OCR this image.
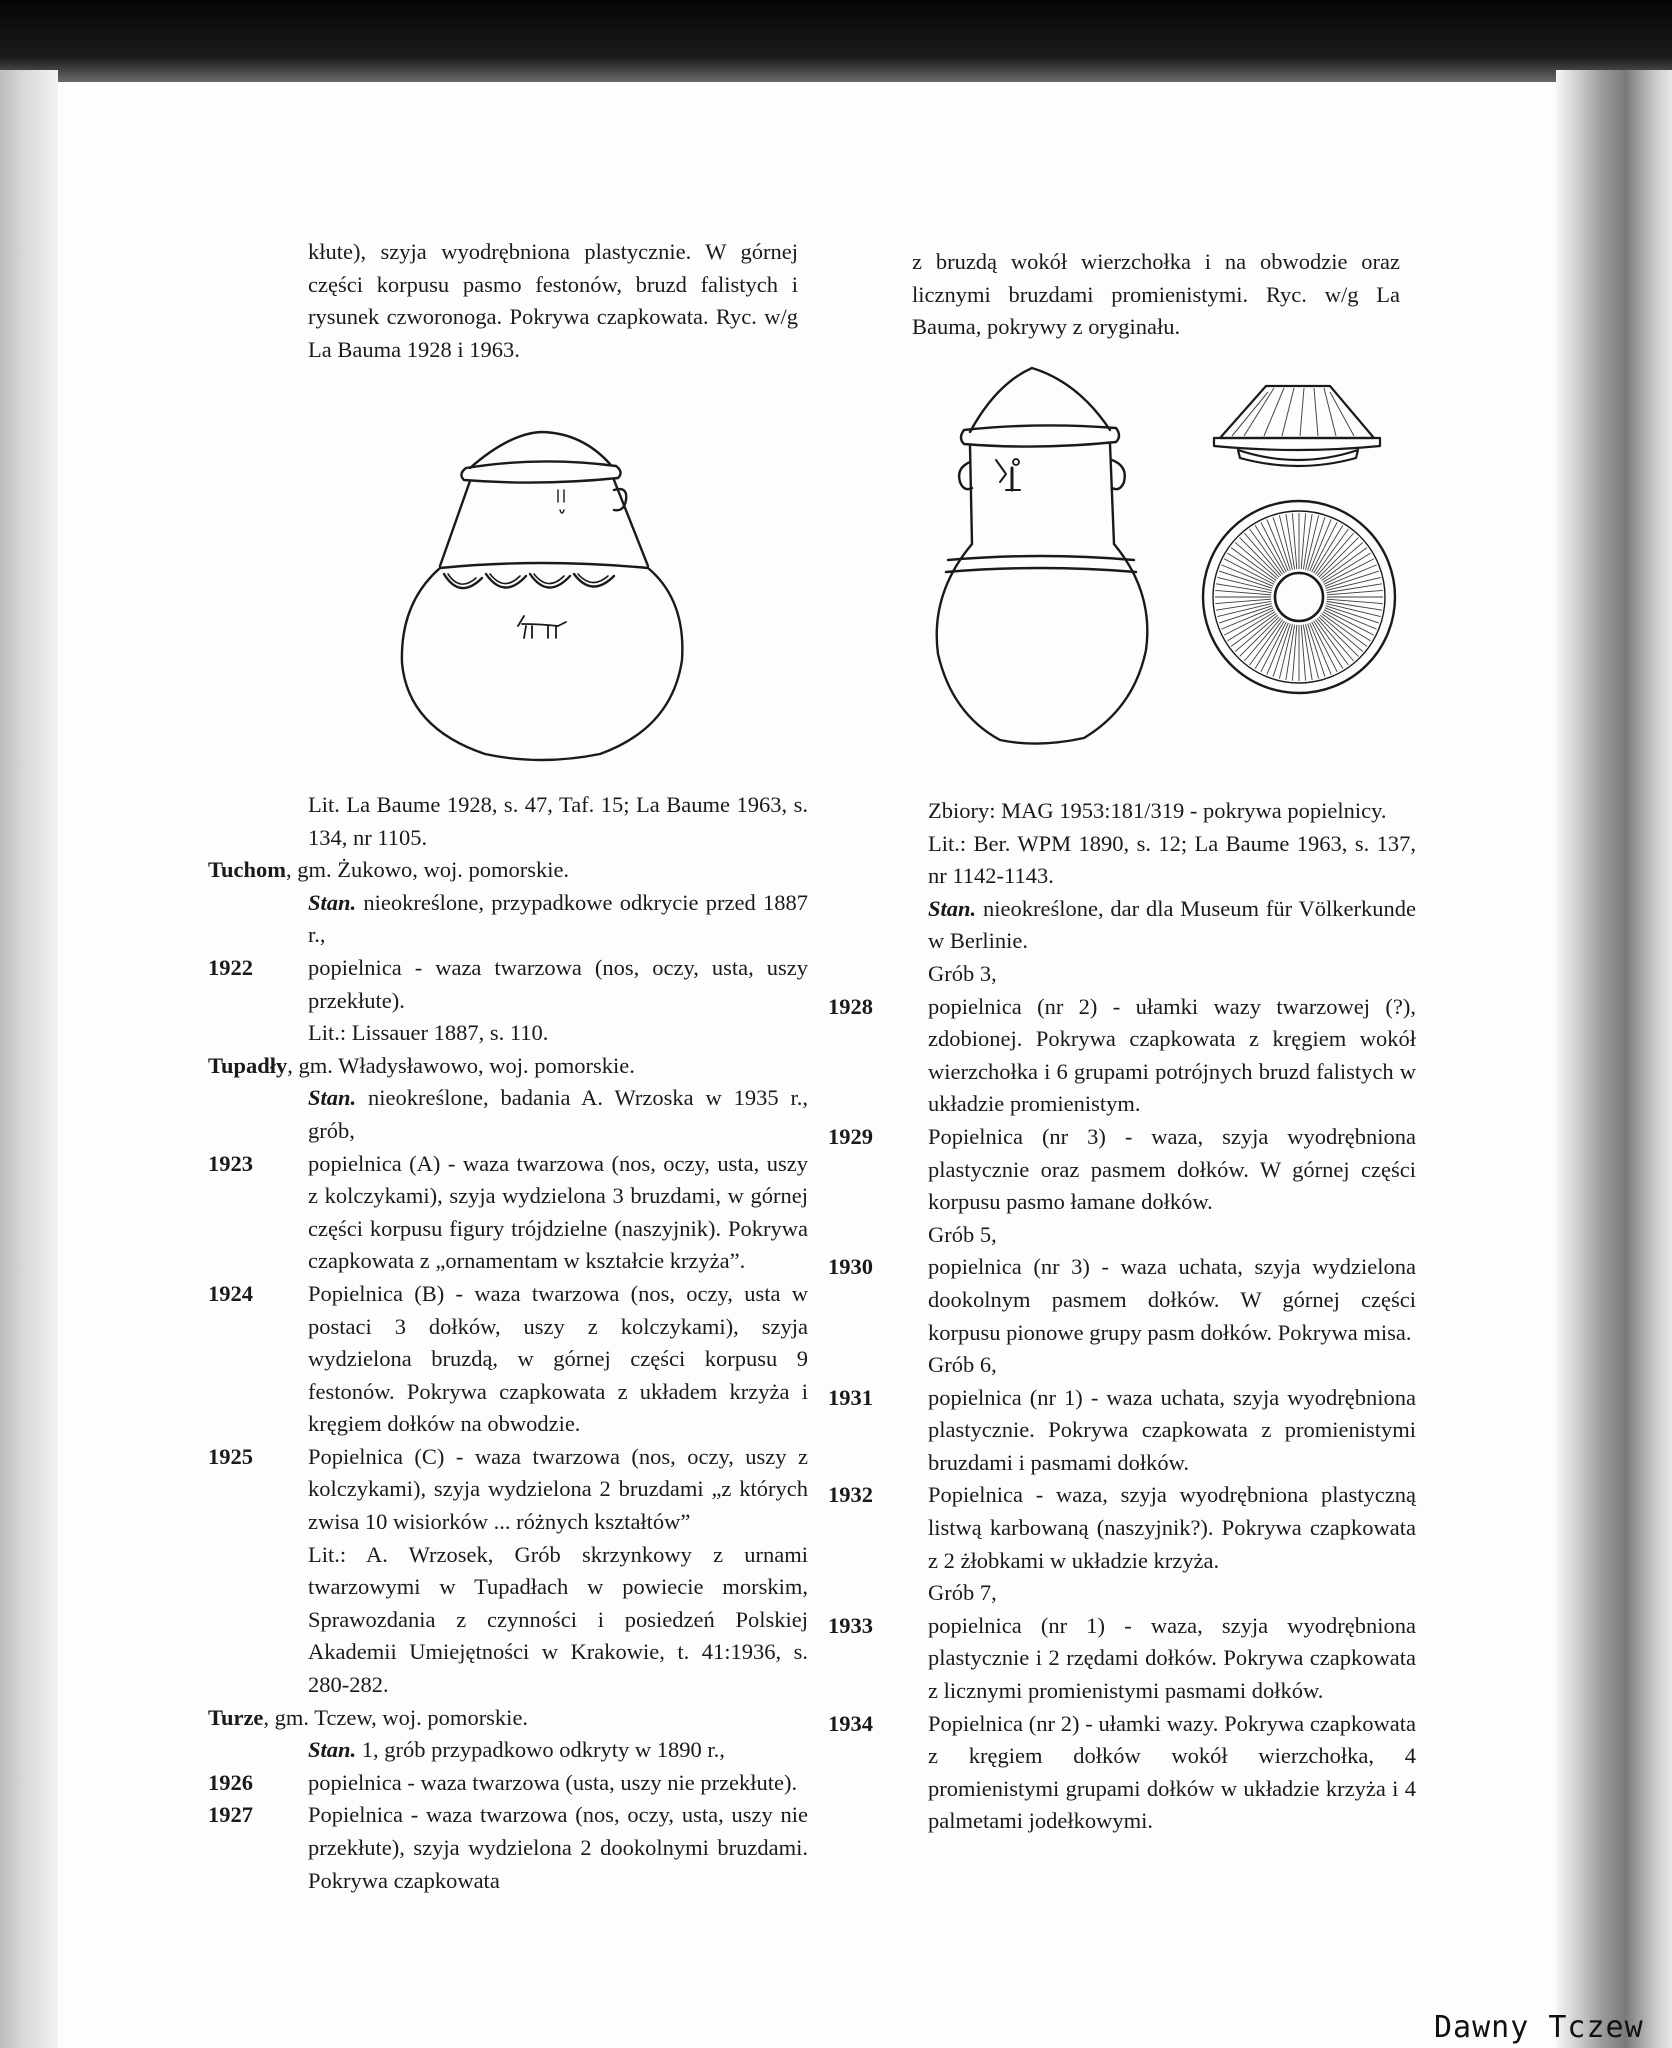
kłute), szyja wyodrębniona plastycznie. W górnej części korpusu pasmo festonów, bruzd falistych i rysunek czworonoga. Pokrywa czapkowata. Ryc. w/g La Bauma 1928 i 1963.

z bruzdą wokół wierzchołka i na obwodzie oraz licznymi bruzdami promienistymi. Ryc. w/g La Bauma, pokrywy z oryginału.

Lit. La Baume 1928, s. 47, Taf. 15; La Baume 1963, s. 134, nr 1105.

Tuchom, gm. Żukowo, woj. pomorskie.

Stan. nieokreślone, przypadkowe odkrycie przed 1887 r.,

1922 popielnica - waza twarzowa (nos, oczy, usta, uszy przekłute).

Lit.: Lissauer 1887, s. 110.

Tupadły, gm. Władysławowo, woj. pomorskie.

Stan. nieokreślone, badania A. Wrzoska w 1935 r., grób,

1923 popielnica (A) - waza twarzowa (nos, oczy, usta, uszy z kolczykami), szyja wydzielona 3 bruzdami, w górnej części korpusu figury trójdzielne (naszyjnik). Pokrywa czapkowata z „ornamentam w kształcie krzyża”.

1924 Popielnica (B) - waza twarzowa (nos, oczy, usta w postaci 3 dołków, uszy z kolczykami), szyja wydzielona bruzdą, w górnej części korpusu 9 festonów. Pokrywa czapkowata z układem krzyża i kręgiem dołków na obwodzie.

1925 Popielnica (C) - waza twarzowa (nos, oczy, uszy z kolczykami), szyja wydzielona 2 bruzdami „z których zwisa 10 wisiorków ... różnych kształtów”

Lit.: A. Wrzosek, Grób skrzynkowy z urnami twarzowymi w Tupadłach w powiecie morskim, Sprawozdania z czynności i posiedzeń Polskiej Akademii Umiejętności w Krakowie, t. 41:1936, s. 280-282.

Turze, gm. Tczew, woj. pomorskie.

Stan. 1, grób przypadkowo odkryty w 1890 r.,

1926 popielnica - waza twarzowa (usta, uszy nie przekłute).

1927 Popielnica - waza twarzowa (nos, oczy, usta, uszy nie przekłute), szyja wydzielona 2 dookolnymi bruzdami. Pokrywa czapkowata

Zbiory: MAG 1953:181/319 - pokrywa popielnicy.

Lit.: Ber. WPM 1890, s. 12; La Baume 1963, s. 137, nr 1142-1143.

Stan. nieokreślone, dar dla Museum für Völkerkunde w Berlinie.

Grób 3,

1928 popielnica (nr 2) - ułamki wazy twarzowej (?), zdobionej. Pokrywa czapkowata z kręgiem wokół wierzchołka i 6 grupami potrójnych bruzd falistych w układzie promienistym.

1929 Popielnica (nr 3) - waza, szyja wyodrębniona plastycznie oraz pasmem dołków. W górnej części korpusu pasmo łamane dołków.

Grób 5,

1930 popielnica (nr 3) - waza uchata, szyja wydzielona dookolnym pasmem dołków. W górnej części korpusu pionowe grupy pasm dołków. Pokrywa misa.

Grób 6,

1931 popielnica (nr 1) - waza uchata, szyja wyodrębniona plastycznie. Pokrywa czapkowata z promienistymi bruzdami i pasmami dołków.

1932 Popielnica - waza, szyja wyodrębniona plastyczną listwą karbowaną (naszyjnik?). Pokrywa czapkowata z 2 żłobkami w układzie krzyża.

Grób 7,

1933 popielnica (nr 1) - waza, szyja wyodrębniona plastycznie i 2 rzędami dołków. Pokrywa czapkowata z licznymi promienistymi pasmami dołków.

1934 Popielnica (nr 2) - ułamki wazy. Pokrywa czapkowata z kręgiem dołków wokół wierzchołka, 4 promienistymi grupami dołków w układzie krzyża i 4 palmetami jodełkowymi.

Dawny Tczew
